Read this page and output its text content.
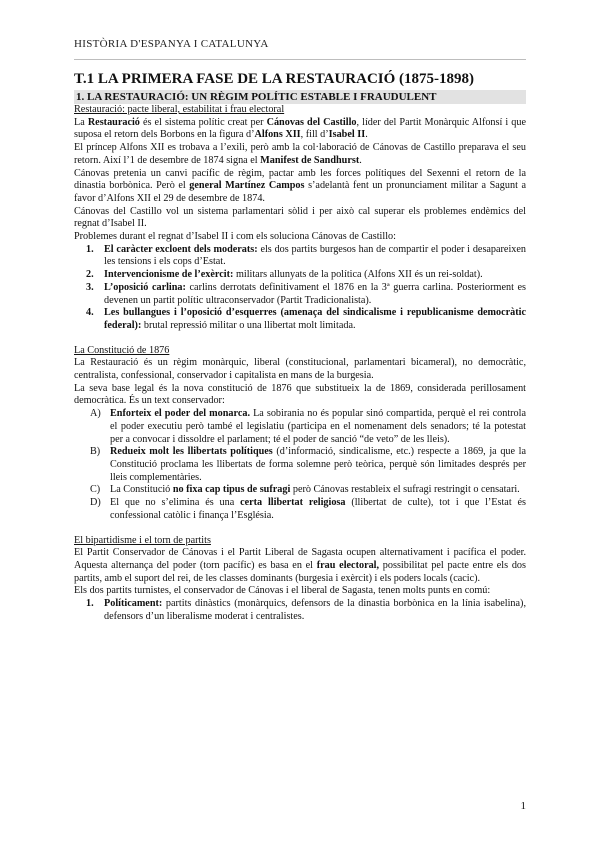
HISTÒRIA D'ESPANYA I CATALUNYA
T.1 LA PRIMERA FASE DE LA RESTAURACIÓ (1875-1898)
1. LA RESTAURACIÓ: UN RÈGIM POLÍTIC ESTABLE I FRAUDULENT
Restauració: pacte liberal, estabilitat i frau electoral

La Restauració és el sistema polític creat per Cánovas del Castillo, líder del Partit Monàrquic Alfonsí i que suposa el retorn dels Borbons en la figura d’Alfons XII, fill d’Isabel II.

El príncep Alfons XII es trobava a l’exili, però amb la col·laboració de Cánovas de Castillo preparava el seu retorn. Així l’1 de desembre de 1874 signa el Manifest de Sandhurst.

Cánovas pretenia un canvi pacífic de règim, pactar amb les forces polítiques del Sexenni el retorn de la dinastia borbònica. Però el general Martínez Campos s’adelantà fent un pronunciament militar a Sagunt a favor d’Alfons XII el 29 de desembre de 1874.

Cánovas del Castillo vol un sistema parlamentari sòlid i per això cal superar els problemes endèmics del regnat d’Isabel II.

Problemes durant el regnat d’Isabel II i com els soluciona Cánovas de Castillo:

1. El caràcter excloent dels moderats: els dos partits burgesos han de compartir el poder i desapareixen les tensions i els cops d’Estat.
2. Intervencionisme de l’exèrcit: militars allunyats de la política (Alfons XII és un rei-soldat).
3. L’oposició carlina: carlins derrotats definitivament el 1876 en la 3ª guerra carlina. Posteriorment es devenen un partit polític ultraconservador (Partit Tradicionalista).
4. Les bullangues i l’oposició d’esquerres (amenaça del sindicalisme i republicanisme democràtic federal): brutal repressió militar o una llibertat molt limitada.
La Constitució de 1876

La Restauració és un règim monàrquic, liberal (constitucional, parlamentari bicameral), no democràtic, centralista, confessional, conservador i capitalista en mans de la burgesia.

La seva base legal és la nova constitució de 1876 que substitueix la de 1869, considerada perillosament democràtica. És un text conservador:

A) Enforteix el poder del monarca. La sobirania no és popular sinó compartida, perquè el rei controla el poder executiu però també el legislatiu (participa en el nomenament dels senadors; té la potestat per a convocar i dissoldre el parlament; té el poder de sanció “de veto” de les lleis).
B) Redueix molt les llibertats polítiques (d’informació, sindicalisme, etc.) respecte a 1869, ja que la Constitució proclama les llibertats de forma solemne però teòrica, perquè són limitades després per lleis complementàries.
C) La Constitució no fixa cap tipus de sufragi però Cánovas restableix el sufragi restringit o censatari.
D) El que no s’elimina és una certa llibertat religiosa (llibertat de culte), tot i que l’Estat és confessional catòlic i finança l’Església.
El bipartidisme i el torn de partits

El Partit Conservador de Cánovas i el Partit Liberal de Sagasta ocupen alternativament i pacífica el poder. Aquesta alternança del poder (torn pacífic) es basa en el frau electoral, possibilitat pel pacte entre els dos partits, amb el suport del rei, de les classes dominants (burgesia i exèrcit) i els poders locals (cacic).

Els dos partits turnistes, el conservador de Cánovas i el liberal de Sagasta, tenen molts punts en comú:

1. Políticament: partits dinàstics (monàrquics, defensors de la dinastia borbònica en la línia isabelina), defensors d’un liberalisme moderat i centralistes.
1
